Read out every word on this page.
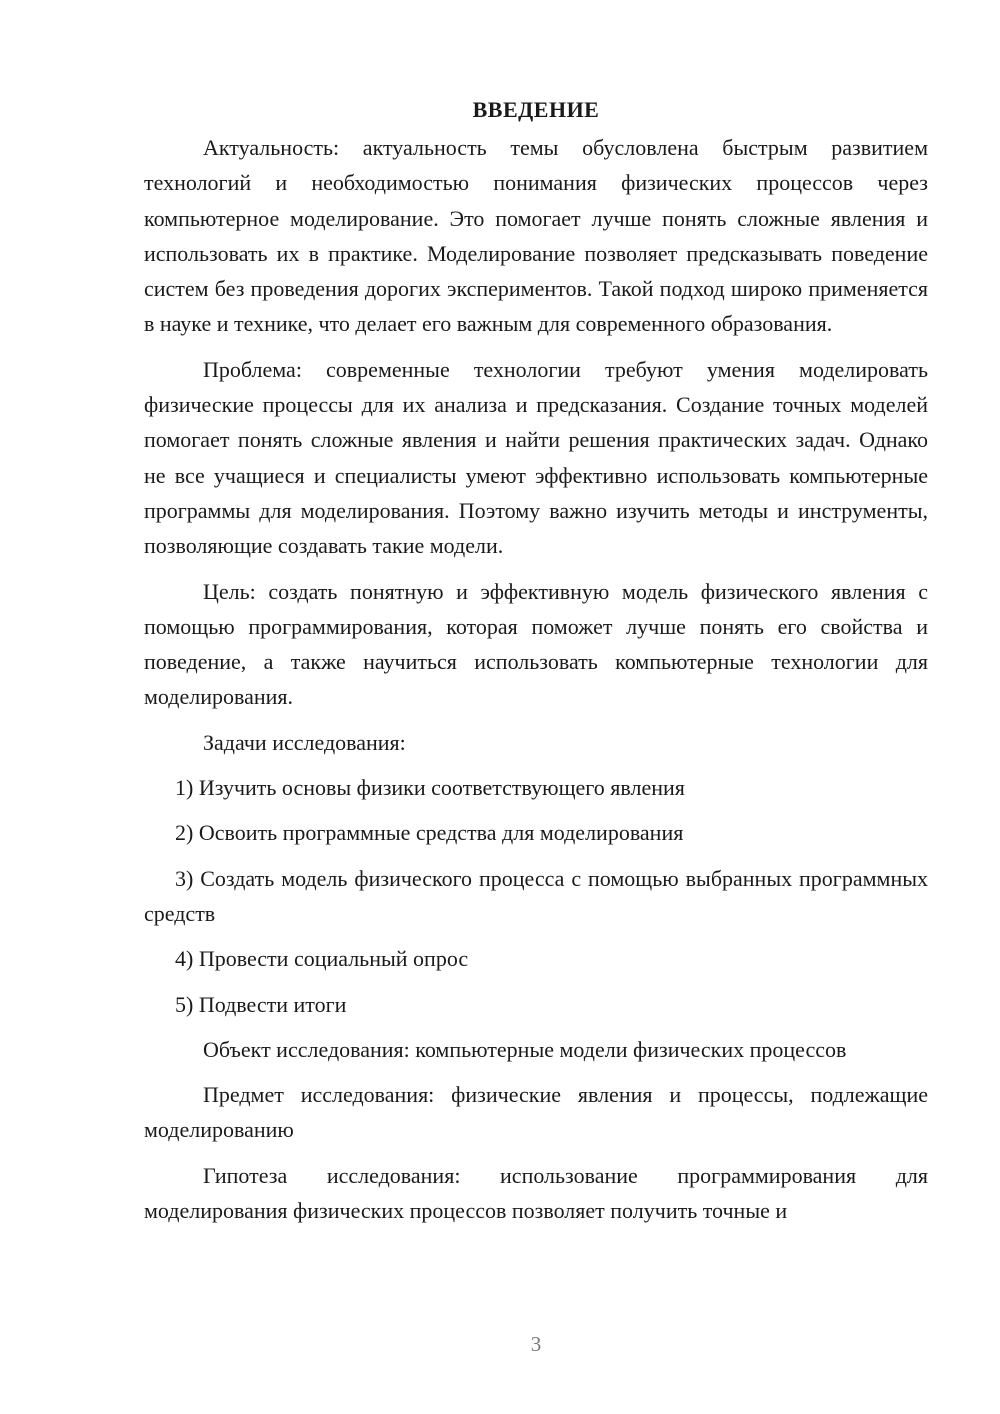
ВВЕДЕНИЕ

Актуальность: актуальность темы обусловлена быстрым развитием технологий и необходимостью понимания физических процессов через компьютерное моделирование. Это помогает лучше понять сложные явления и использовать их в практике. Моделирование позволяет предсказывать поведение систем без проведения дорогих экспериментов. Такой подход широко применяется в науке и технике, что делает его важным для современного образования.

Проблема: современные технологии требуют умения моделировать физические процессы для их анализа и предсказания. Создание точных моделей помогает понять сложные явления и найти решения практических задач. Однако не все учащиеся и специалисты умеют эффективно использовать компьютерные программы для моделирования. Поэтому важно изучить методы и инструменты, позволяющие создавать такие модели.

Цель: создать понятную и эффективную модель физического явления с помощью программирования, которая поможет лучше понять его свойства и поведение, а также научиться использовать компьютерные технологии для моделирования.

Задачи исследования:

1) Изучить основы физики соответствующего явления

2) Освоить программные средства для моделирования

3) Создать модель физического процесса с помощью выбранных программных средств

4) Провести социальный опрос

5) Подвести итоги

Объект исследования: компьютерные модели физических процессов

Предмет исследования: физические явления и процессы, подлежащие моделированию

Гипотеза исследования: использование программирования для моделирования физических процессов позволяет получить точные и

3
